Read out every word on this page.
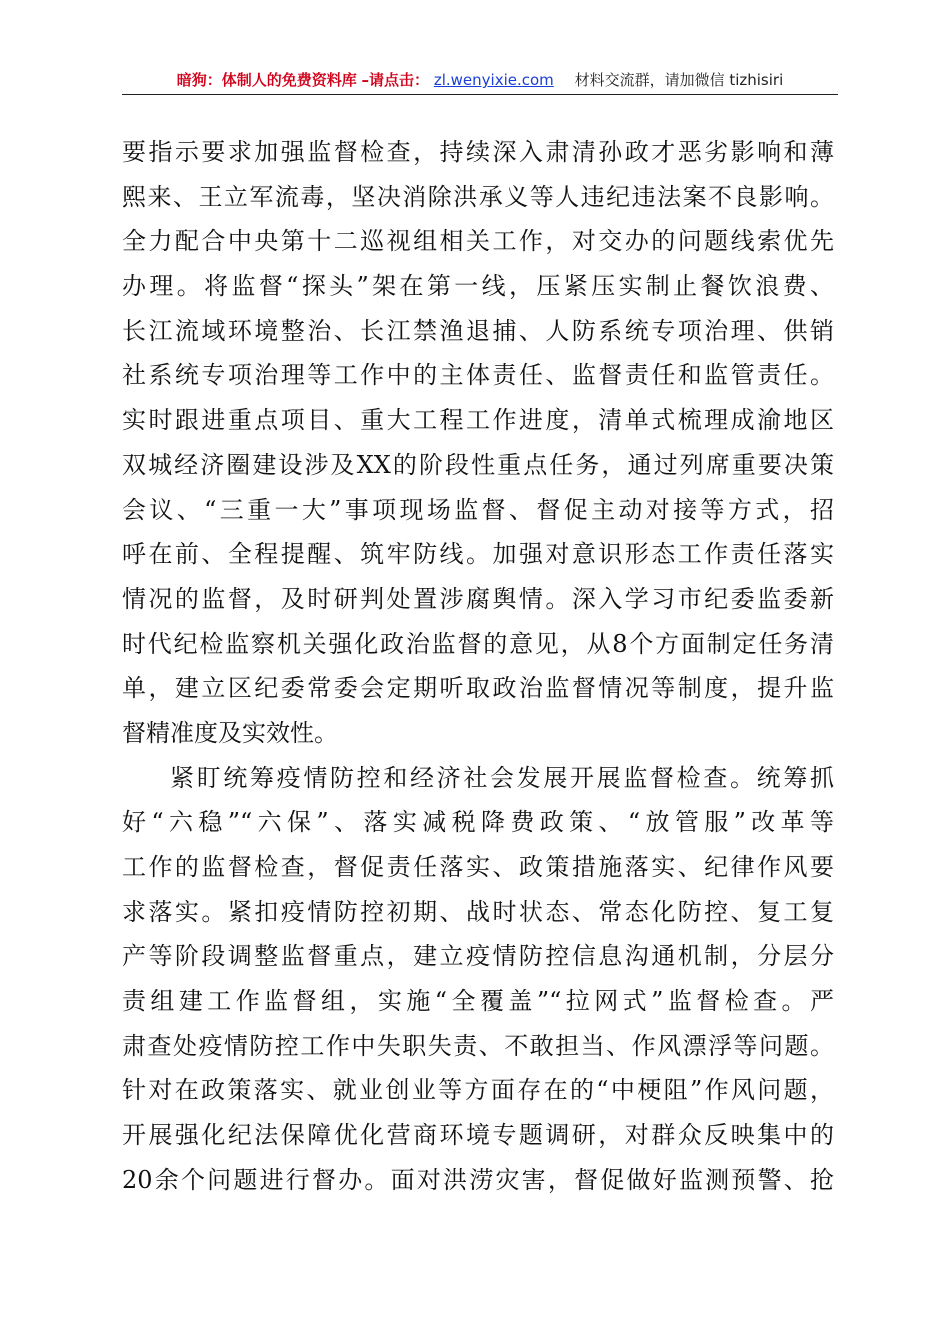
暗狗：体制人的免费资料库 –请点击： zl.wenyixie.com 材料交流群，请加微信 tizhisiri
要指示要求加强监督检查，持续深入肃清孙政才恶劣影响和薄
熙来、王立军流毒，坚决消除洪承义等人违纪违法案不良影响。
全力配合中央第十二巡视组相关工作，对交办的问题线索优先
办理。将监督“探头”架在第一线，压紧压实制止餐饮浪费、
长江流域环境整治、长江禁渔退捕、人防系统专项治理、供销
社系统专项治理等工作中的主体责任、监督责任和监管责任。
实时跟进重点项目、重大工程工作进度，清单式梳理成渝地区
双城经济圈建设涉及XX的阶段性重点任务，通过列席重要决策
会议、“三重一大”事项现场监督、督促主动对接等方式，招
呼在前、全程提醒、筑牢防线。加强对意识形态工作责任落实
情况的监督，及时研判处置涉腐舆情。深入学习市纪委监委新
时代纪检监察机关强化政治监督的意见，从8个方面制定任务清
单，建立区纪委常委会定期听取政治监督情况等制度，提升监
督精准度及实效性。
紧盯统筹疫情防控和经济社会发展开展监督检查。统筹抓
好“六稳”“六保”、落实减税降费政策、“放管服”改革等
工作的监督检查，督促责任落实、政策措施落实、纪律作风要
求落实。紧扣疫情防控初期、战时状态、常态化防控、复工复
产等阶段调整监督重点，建立疫情防控信息沟通机制，分层分
责组建工作监督组，实施“全覆盖”“拉网式”监督检查。严
肃查处疫情防控工作中失职失责、不敢担当、作风漂浮等问题。
针对在政策落实、就业创业等方面存在的“中梗阻”作风问题，
开展强化纪法保障优化营商环境专题调研，对群众反映集中的
20余个问题进行督办。面对洪涝灾害，督促做好监测预警、抢
